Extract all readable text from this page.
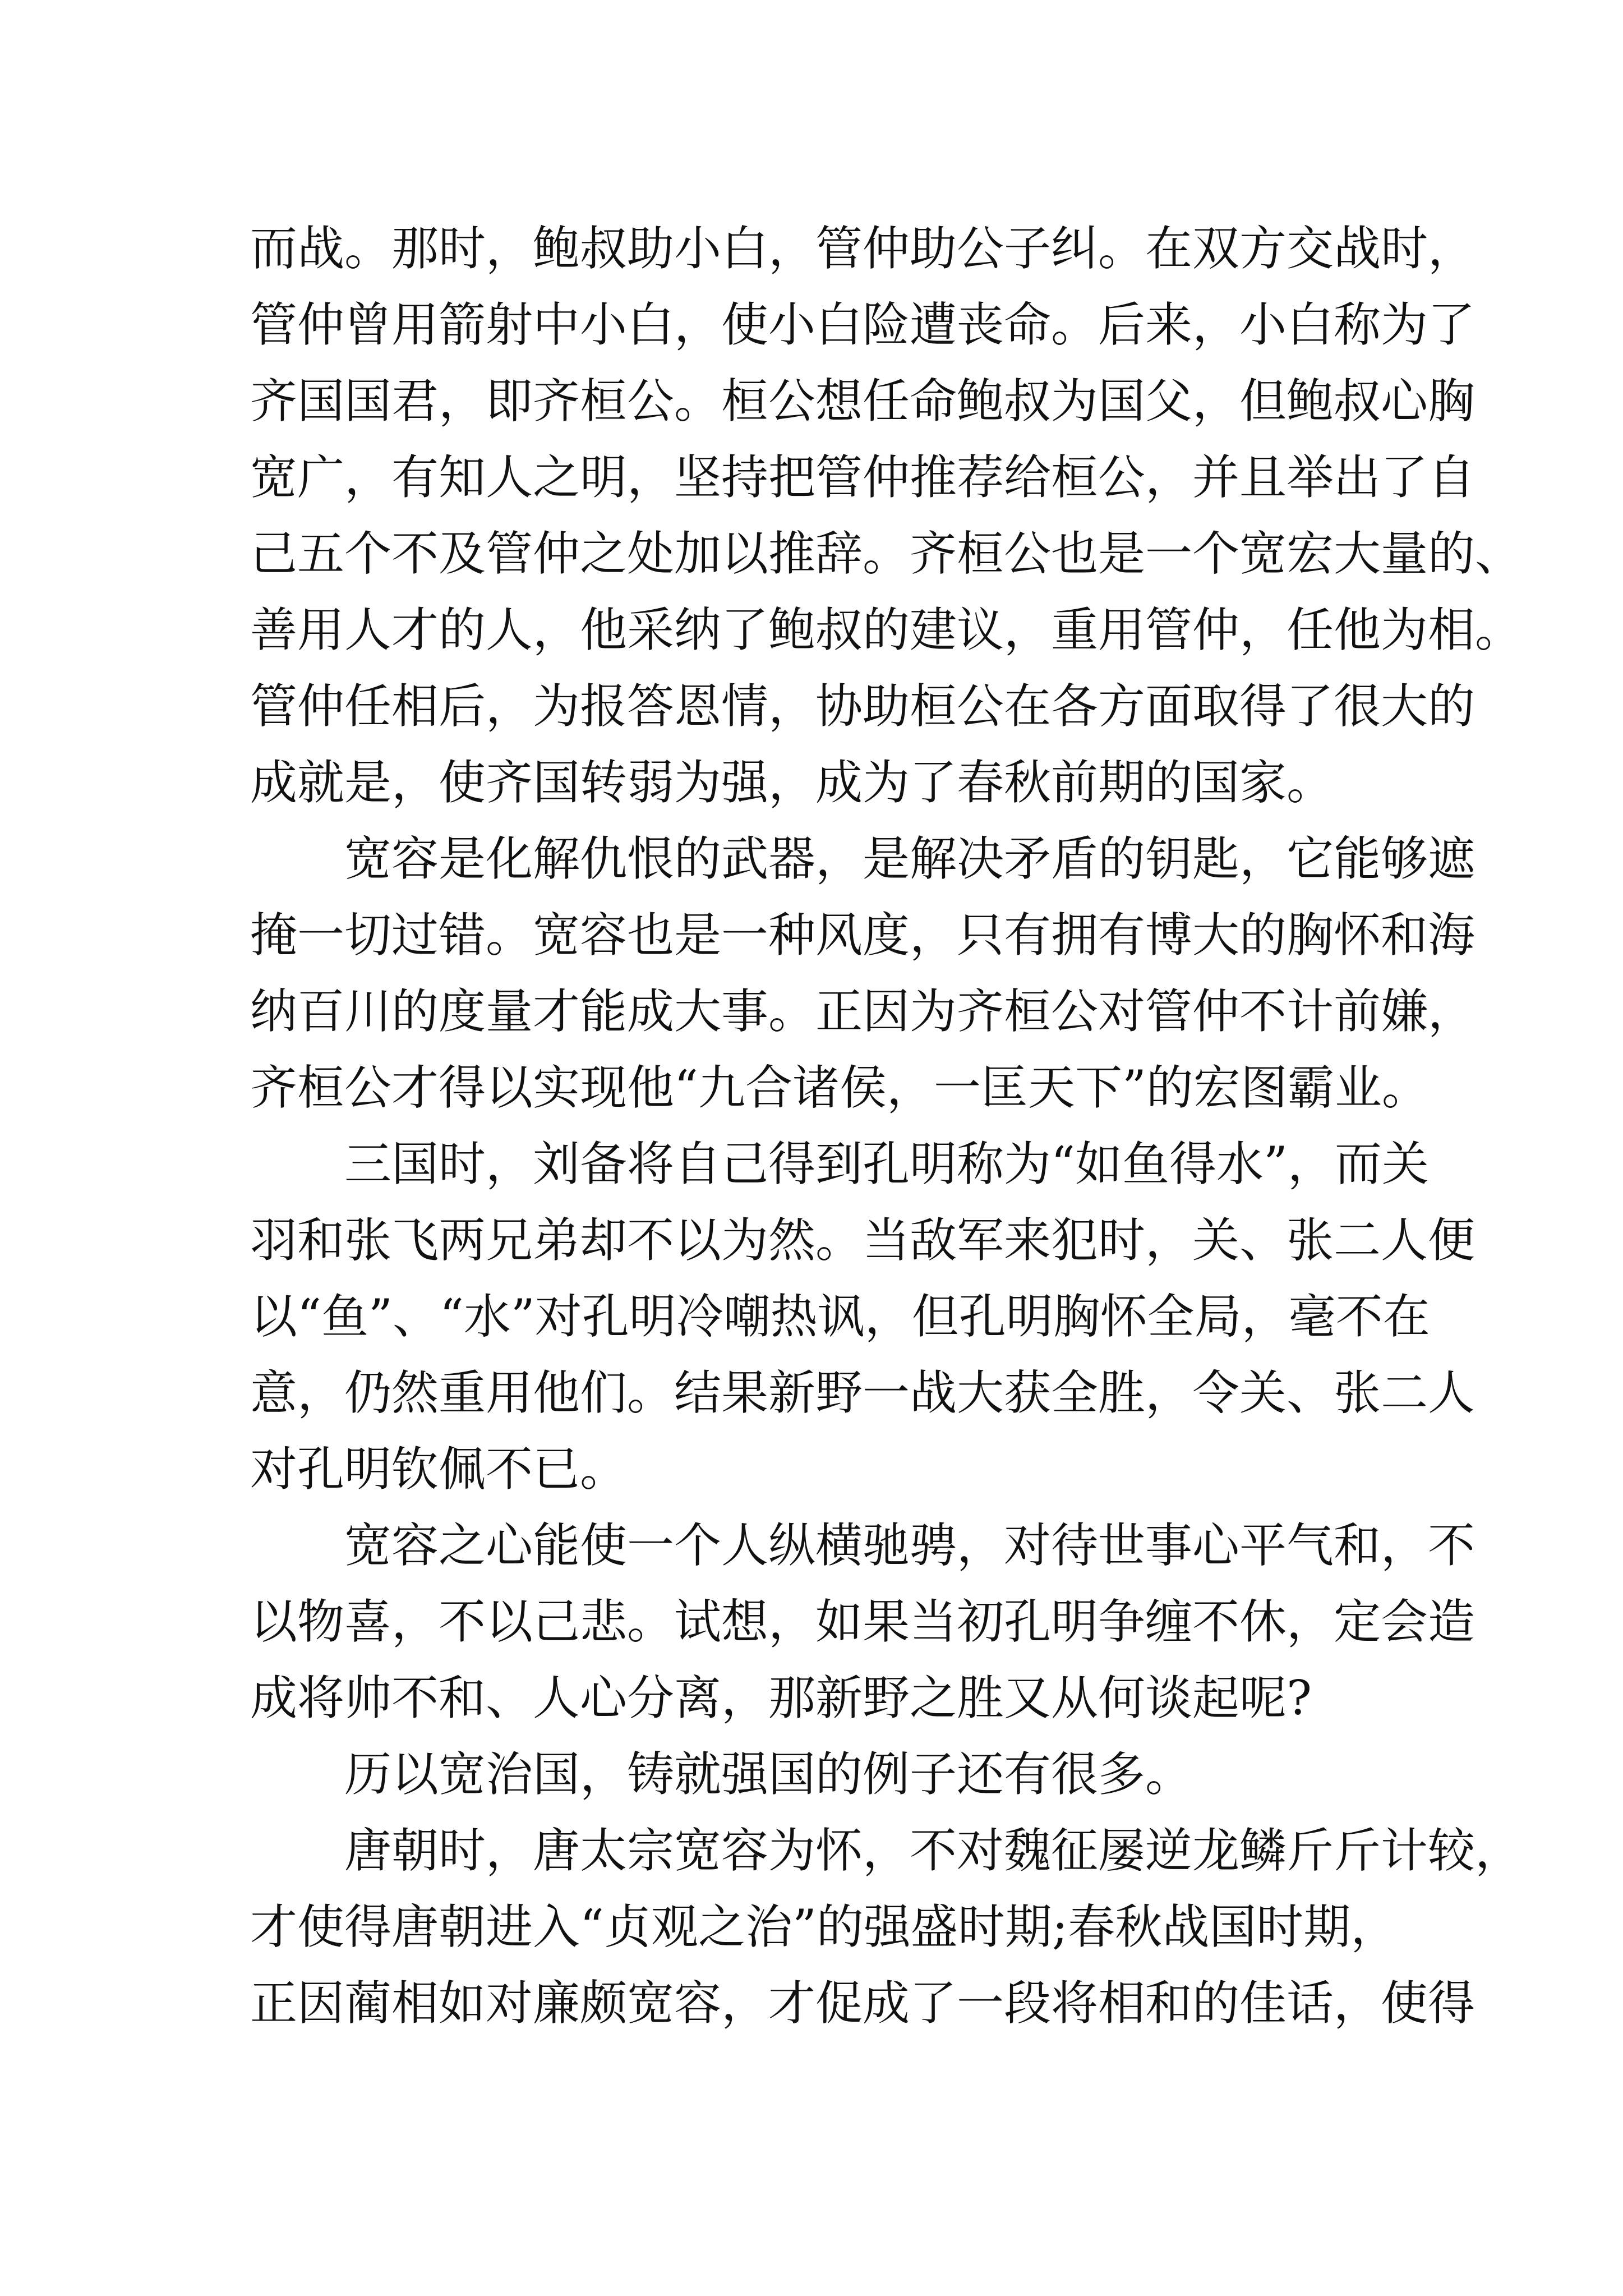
而战。那时，鲍叔助小白，管仲助公子纠。在双方交战时，
管仲曾用箭射中小白，使小白险遭丧命。后来，小白称为了
齐国国君，即齐桓公。桓公想任命鲍叔为国父，但鲍叔心胸
宽广，有知人之明，坚持把管仲推荐给桓公，并且举出了自
己五个不及管仲之处加以推辞。齐桓公也是一个宽宏大量的、
善用人才的人，他采纳了鲍叔的建议，重用管仲，任他为相。
管仲任相后，为报答恩情，协助桓公在各方面取得了很大的
成就是，使齐国转弱为强，成为了春秋前期的国家。
宽容是化解仇恨的武器，是解决矛盾的钥匙，它能够遮
掩一切过错。宽容也是一种风度，只有拥有博大的胸怀和海
纳百川的度量才能成大事。正因为齐桓公对管仲不计前嫌，
齐桓公才得以实现他“九合诸侯，一匡天下”的宏图霸业。
三国时，刘备将自己得到孔明称为“如鱼得水”，而关
羽和张飞两兄弟却不以为然。当敌军来犯时，关、张二人便
以“鱼”、“水”对孔明冷嘲热讽，但孔明胸怀全局，毫不在
意，仍然重用他们。结果新野一战大获全胜，令关、张二人
对孔明钦佩不已。
宽容之心能使一个人纵横驰骋，对待世事心平气和，不
以物喜，不以己悲。试想，如果当初孔明争缠不休，定会造
成将帅不和、人心分离，那新野之胜又从何谈起呢?
历以宽治国，铸就强国的例子还有很多。
唐朝时，唐太宗宽容为怀，不对魏征屡逆龙鳞斤斤计较，
才使得唐朝进入“贞观之治”的强盛时期;春秋战国时期，
正因蔺相如对廉颇宽容，才促成了一段将相和的佳话，使得
